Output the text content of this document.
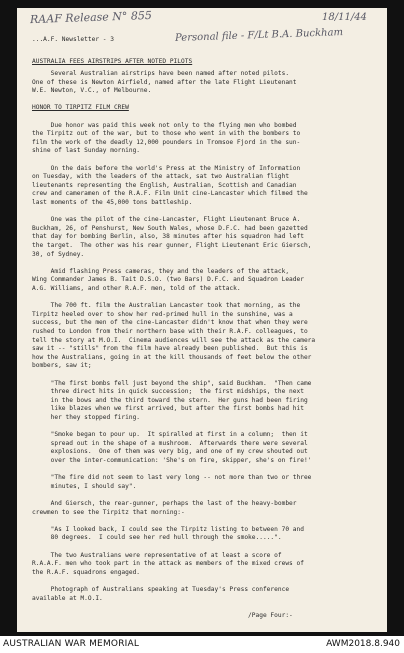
RAAF Release N° 855	18/11/44
Personal file - F/Lt B.A. Buckham
...A.F. Newsletter - 3
AUSTRALIA FEES AIRSTRIPS AFTER NOTED PILOTS
Several Australian airstrips have been named after noted pilots.
One of these is Newton Airfield, named after the late Flight Lieutenant
W.E. Newton, V.C., of Melbourne.
HONOR TO TIRPITZ FILM CREW
Due honor was paid this week not only to the flying men who bombed
the Tirpitz out of the war, but to those who went in with the bombers to
film the work of the deadly 12,000 pounders in Tromsoe Fjord in the sun-
shine of last Sunday morning.
On the dais before the world's Press at the Ministry of Information
on Tuesday, with the leaders of the attack, sat two Australian flight
lieutenants representing the English, Australian, Scottish and Canadian
crew and cameramen of the R.A.F. Film Unit cine-Lancaster which filmed the
last moments of the 45,000 tons battleship.
One was the pilot of the cine-Lancaster, Flight Lieutenant Bruce A.
Buckham, 26, of Penshurst, New South Wales, whose D.F.C. had been gazetted
that day for bombing Berlin, also, 38 minutes after his squadron had left
the target.  The other was his rear gunner, Flight Lieutenant Eric Giersch,
30, of Sydney.
Amid flashing Press cameras, they and the leaders of the attack,
Wing Commander James B. Tait D.S.O. (two Bars) D.F.C. and Squadron Leader
A.G. Williams, and other R.A.F. men, told of the attack.
The 700 ft. film the Australian Lancaster took that morning, as the
Tirpitz heeled over to show her red-primed hull in the sunshine, was a
success, but the men of the cine-Lancaster didn't know that when they were
rushed to London from their northern base with their R.A.F. colleagues, to
tell the story at M.O.I.  Cinema audiences will see the attack as the camera
saw it -- "stills" from the film have already been published.  But this is
how the Australians, going in at the kill thousands of feet below the other
bombers, saw it;
"The first bombs fell just beyond the ship", said Buckham.  "Then came
three direct hits in quick succession;  the first midships, the next
in the bows and the third toward the stern.  Her guns had been firing
like blazes when we first arrived, but after the first bombs had hit
her they stopped firing.
"Smoke began to pour up.  It spiralled at first in a column;  then it
spread out in the shape of a mushroom.  Afterwards there were several
explosions.  One of them was very big, and one of my crew shouted out
over the inter-communication: 'She's on fire, skipper, she's on fire!'
"The fire did not seem to last very long -- not more than two or three
minutes, I should say".
And Giersch, the rear-gunner, perhaps the last of the heavy-bomber
crewmen to see the Tirpitz that morning:-
"As I looked back, I could see the Tirpitz listing to between 70 and
80 degrees.  I could see her red hull through the smoke.....".
The two Australians were representative of at least a score of
R.A.A.F. men who took part in the attack as members of the mixed crews of
the R.A.F. squadrons engaged.
Photograph of Australians speaking at Tuesday's Press conference
available at M.O.I.
/Page Four:-
AUSTRALIAN WAR MEMORIAL	AWM2018.8.940
